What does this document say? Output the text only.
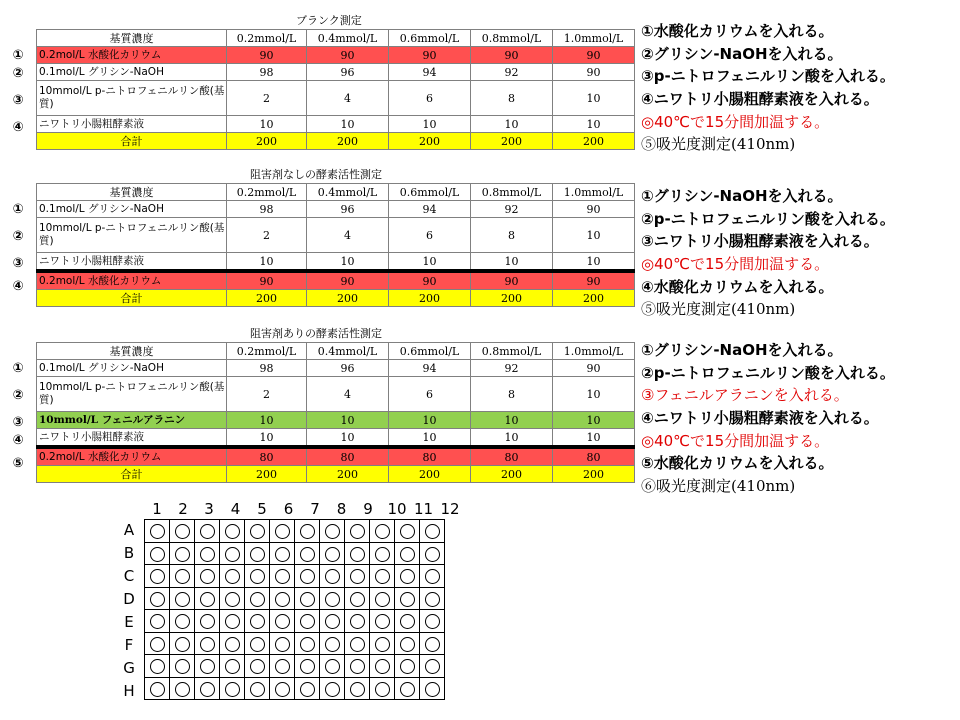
ブランク測定
①
②
③
④
基質濃度	0.2mmol/L	0.4mmol/L	0.6mmol/L	0.8mmol/L	1.0mmol/L
0.2mol/L 水酸化カリウム	90	90	90	90	90
0.1mol/L グリシン-NaOH	98	96	94	92	90
10mmol/L p-ニトロフェニルリン酸(基質)	2	4	6	8	10
ニワトリ小腸粗酵素液	10	10	10	10	10
合計	200	200	200	200	200
①水酸化カリウムを入れる。
②グリシン-NaOHを入れる。
③p-ニトロフェニルリン酸を入れる。
④ニワトリ小腸粗酵素液を入れる。
◎40℃で15分間加温する。
⑤吸光度測定(410nm)
阻害剤なしの酵素活性測定
①
②
③
④
基質濃度	0.2mmol/L	0.4mmol/L	0.6mmol/L	0.8mmol/L	1.0mmol/L
0.1mol/L グリシン-NaOH	98	96	94	92	90
10mmol/L p-ニトロフェニルリン酸(基質)	2	4	6	8	10
ニワトリ小腸粗酵素液	10	10	10	10	10
0.2mol/L 水酸化カリウム	90	90	90	90	90
合計	200	200	200	200	200
①グリシン-NaOHを入れる。
②p-ニトロフェニルリン酸を入れる。
③ニワトリ小腸粗酵素液を入れる。
◎40℃で15分間加温する。
④水酸化カリウムを入れる。
⑤吸光度測定(410nm)
阻害剤ありの酵素活性測定
①
②
③
④
⑤
基質濃度	0.2mmol/L	0.4mmol/L	0.6mmol/L	0.8mmol/L	1.0mmol/L
0.1mol/L グリシン-NaOH	98	96	94	92	90
10mmol/L p-ニトロフェニルリン酸(基質)	2	4	6	8	10
10mmol/L フェニルアラニン	10	10	10	10	10
ニワトリ小腸粗酵素液	10	10	10	10	10
0.2mol/L 水酸化カリウム	80	80	80	80	80
合計	200	200	200	200	200
①グリシン-NaOHを入れる。
②p-ニトロフェニルリン酸を入れる。
③フェニルアラニンを入れる。
④ニワトリ小腸粗酵素液を入れる。
◎40℃で15分間加温する。
⑤水酸化カリウムを入れる。
⑥吸光度測定(410nm)
1	2	3	4	5	6	7	8	9 10 11 12
A
B
C
D
E
F
G
H
